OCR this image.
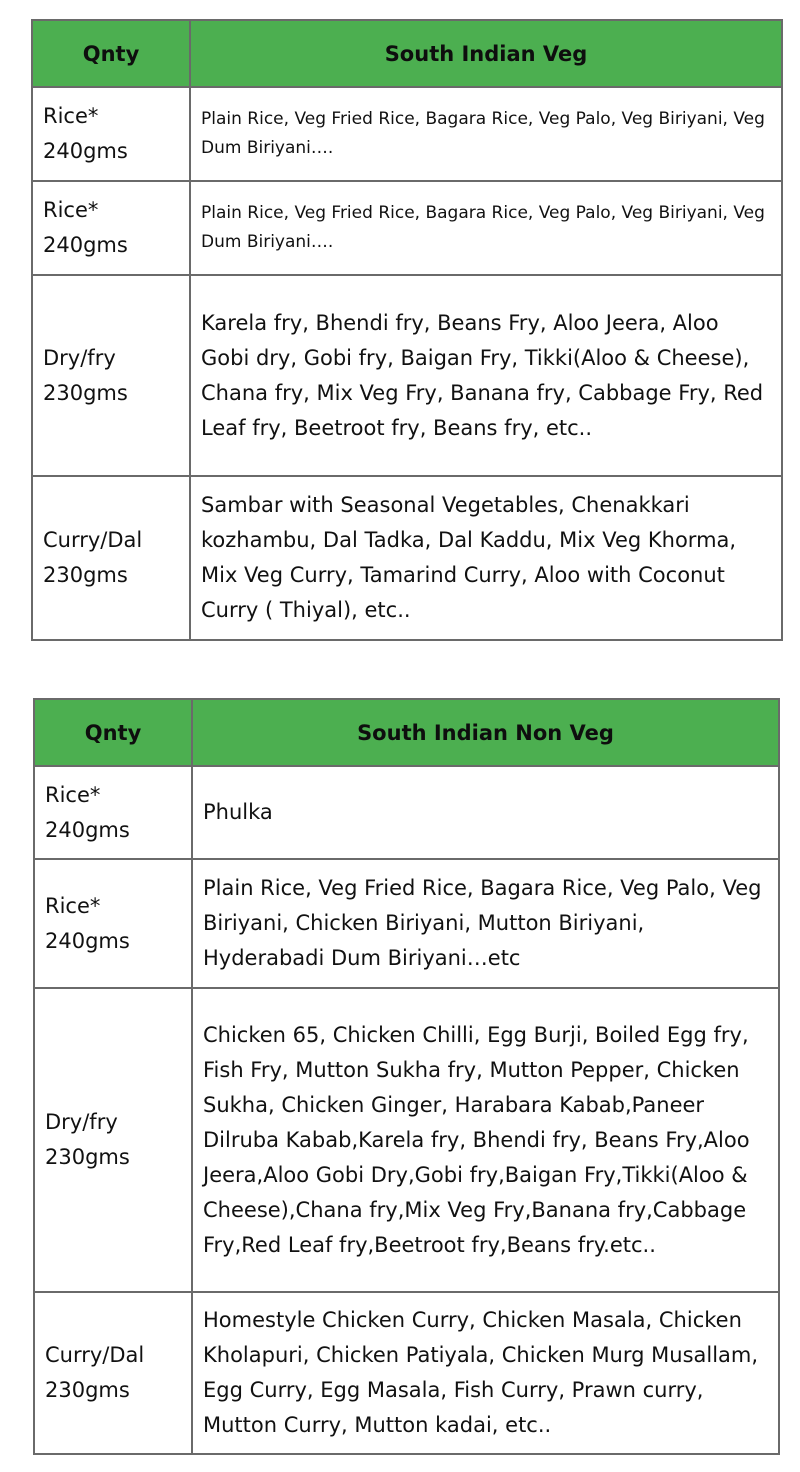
Qnty	South Indian Veg

Rice*
240gms	Plain Rice, Veg Fried Rice, Bagara Rice, Veg Palo, Veg Biriyani, Veg Dum Biriyani….

Rice*
240gms	Plain Rice, Veg Fried Rice, Bagara Rice, Veg Palo, Veg Biriyani, Veg Dum Biriyani….

Dry/fry
230gms	Karela fry, Bhendi fry, Beans Fry, Aloo Jeera, Aloo Gobi dry, Gobi fry, Baigan Fry, Tikki(Aloo & Cheese), Chana fry, Mix Veg Fry, Banana fry, Cabbage Fry, Red Leaf fry, Beetroot fry, Beans fry, etc..

Curry/Dal
230gms	Sambar with Seasonal Vegetables, Chenakkari kozhambu, Dal Tadka, Dal Kaddu, Mix Veg Khorma, Mix Veg Curry, Tamarind Curry, Aloo with Coconut Curry ( Thiyal), etc..
Qnty	South Indian Non Veg

Rice*
240gms	Phulka

Rice*
240gms	Plain Rice, Veg Fried Rice, Bagara Rice, Veg Palo, Veg Biriyani, Chicken Biriyani, Mutton Biriyani, Hyderabadi Dum Biriyani…etc

Dry/fry
230gms	Chicken 65, Chicken Chilli, Egg Burji, Boiled Egg fry, Fish Fry, Mutton Sukha fry, Mutton Pepper, Chicken Sukha, Chicken Ginger, Harabara Kabab,Paneer Dilruba Kabab,Karela fry, Bhendi fry, Beans Fry,Aloo Jeera,Aloo Gobi Dry,Gobi fry,Baigan Fry,Tikki(Aloo & Cheese),Chana fry,Mix Veg Fry,Banana fry,Cabbage Fry,Red Leaf fry,Beetroot fry,Beans fry.etc..

Curry/Dal
230gms	Homestyle Chicken Curry, Chicken Masala, Chicken Kholapuri, Chicken Patiyala, Chicken Murg Musallam, Egg Curry, Egg Masala, Fish Curry, Prawn curry, Mutton Curry, Mutton kadai, etc..
